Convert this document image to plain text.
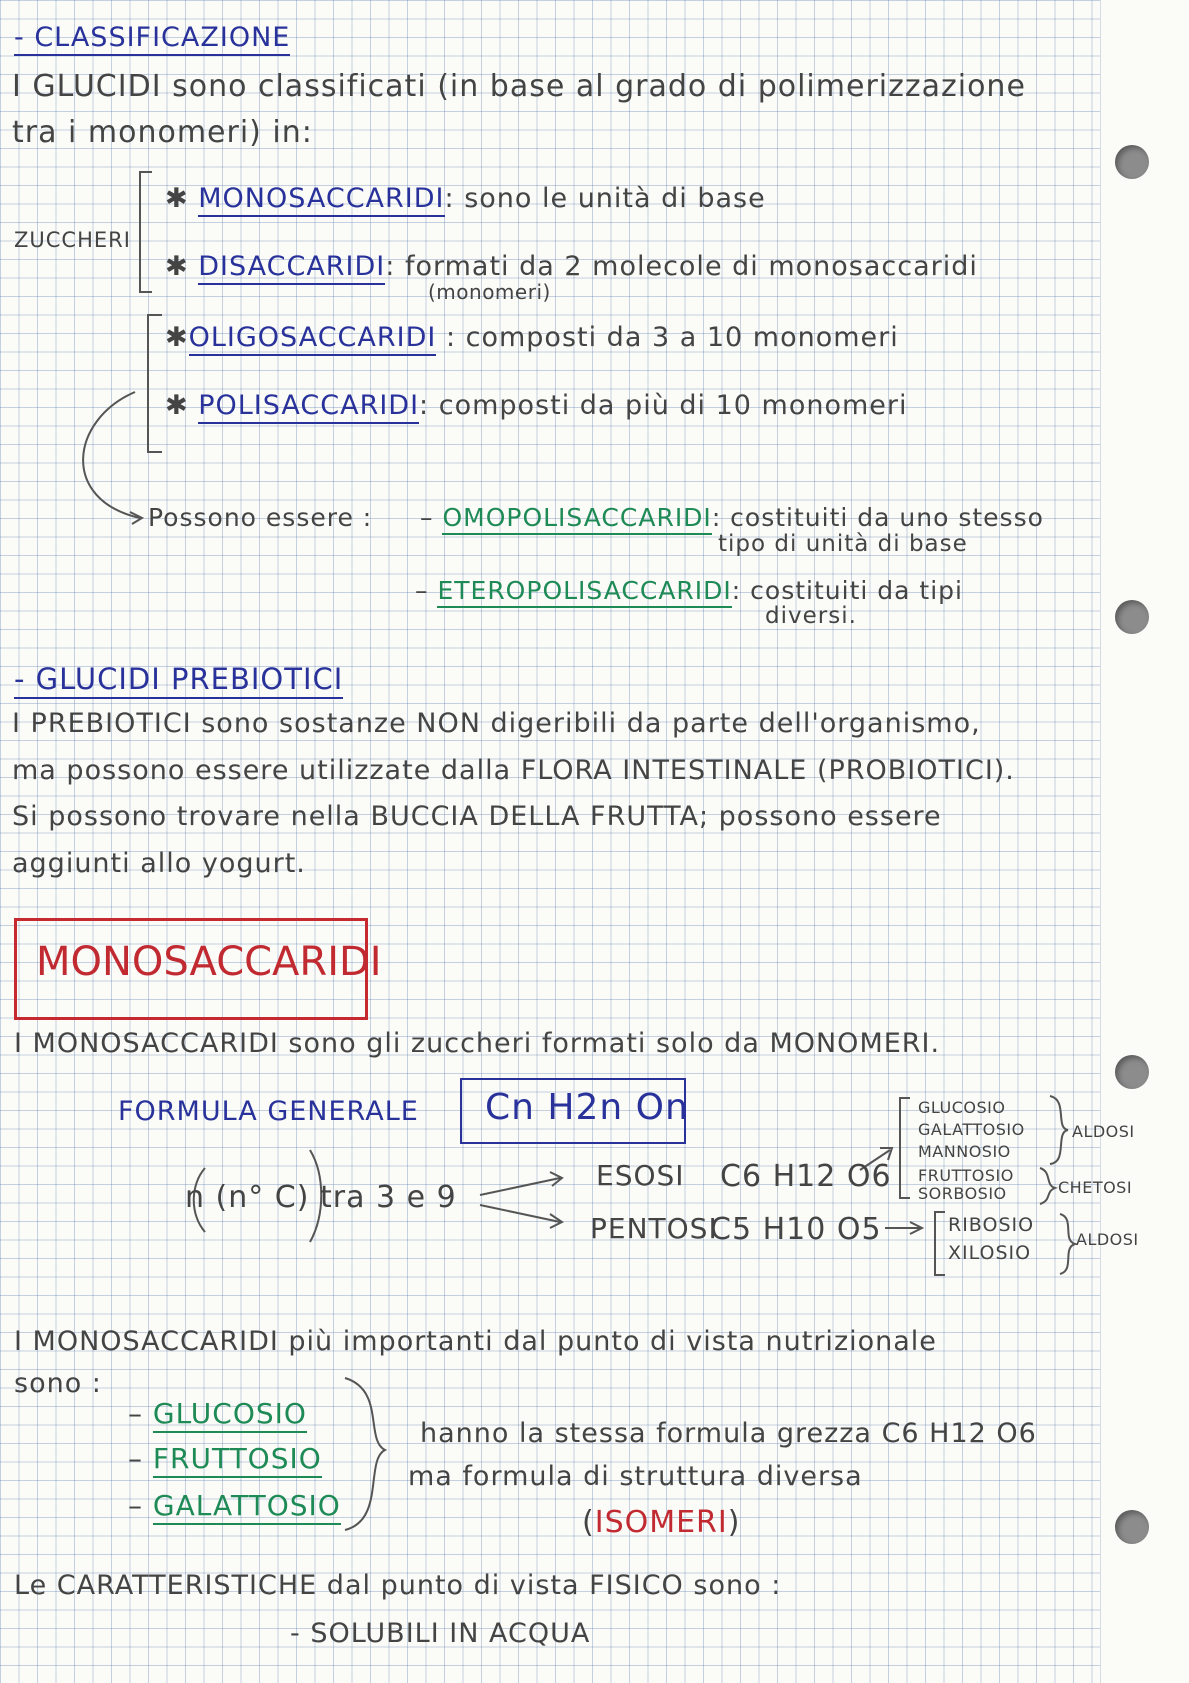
- CLASSIFICAZIONE
I GLUCIDI sono classificati (in base al grado di polimerizzazione
tra i monomeri) in:
ZUCCHERI
✱ MONOSACCARIDI: sono le unità di base
✱ DISACCARIDI: formati da 2 molecole di monosaccaridi
(monomeri)
✱OLIGOSACCARIDI : composti da 3 a 10 monomeri
✱ POLISACCARIDI: composti da più di 10 monomeri
Possono essere : – OMOPOLISACCARIDI: costituiti da uno stesso
tipo di unità di base
– ETEROPOLISACCARIDI: costituiti da tipi
diversi.
- GLUCIDI PREBIOTICI
I PREBIOTICI sono sostanze NON digeribili da parte dell'organismo,
ma possono essere utilizzate dalla FLORA INTESTINALE (PROBIOTICI).
Si possono trovare nella BUCCIA DELLA FRUTTA; possono essere
aggiunti allo yogurt.
MONOSACCARIDI
I MONOSACCARIDI sono gli zuccheri formati solo da MONOMERI.
FORMULA GENERALE Cn H2n On
n (n° C) tra 3 e 9
ESOSI C6 H12 O6
PENTOSI
C5 H10 O5
GLUCOSIO
GALATTOSIO
MANNOSIO
FRUTTOSIO
SORBOSIO
ALDOSI
CHETOSI
RIBOSIO
XILOSIO
ALDOSI
I MONOSACCARIDI più importanti dal punto di vista nutrizionale
sono :
– GLUCOSIO
– FRUTTOSIO
– GALATTOSIO
hanno la stessa formula grezza C6 H12 O6
ma formula di struttura diversa
(ISOMERI)
Le CARATTERISTICHE dal punto di vista FISICO sono :
- SOLUBILI IN ACQUA
